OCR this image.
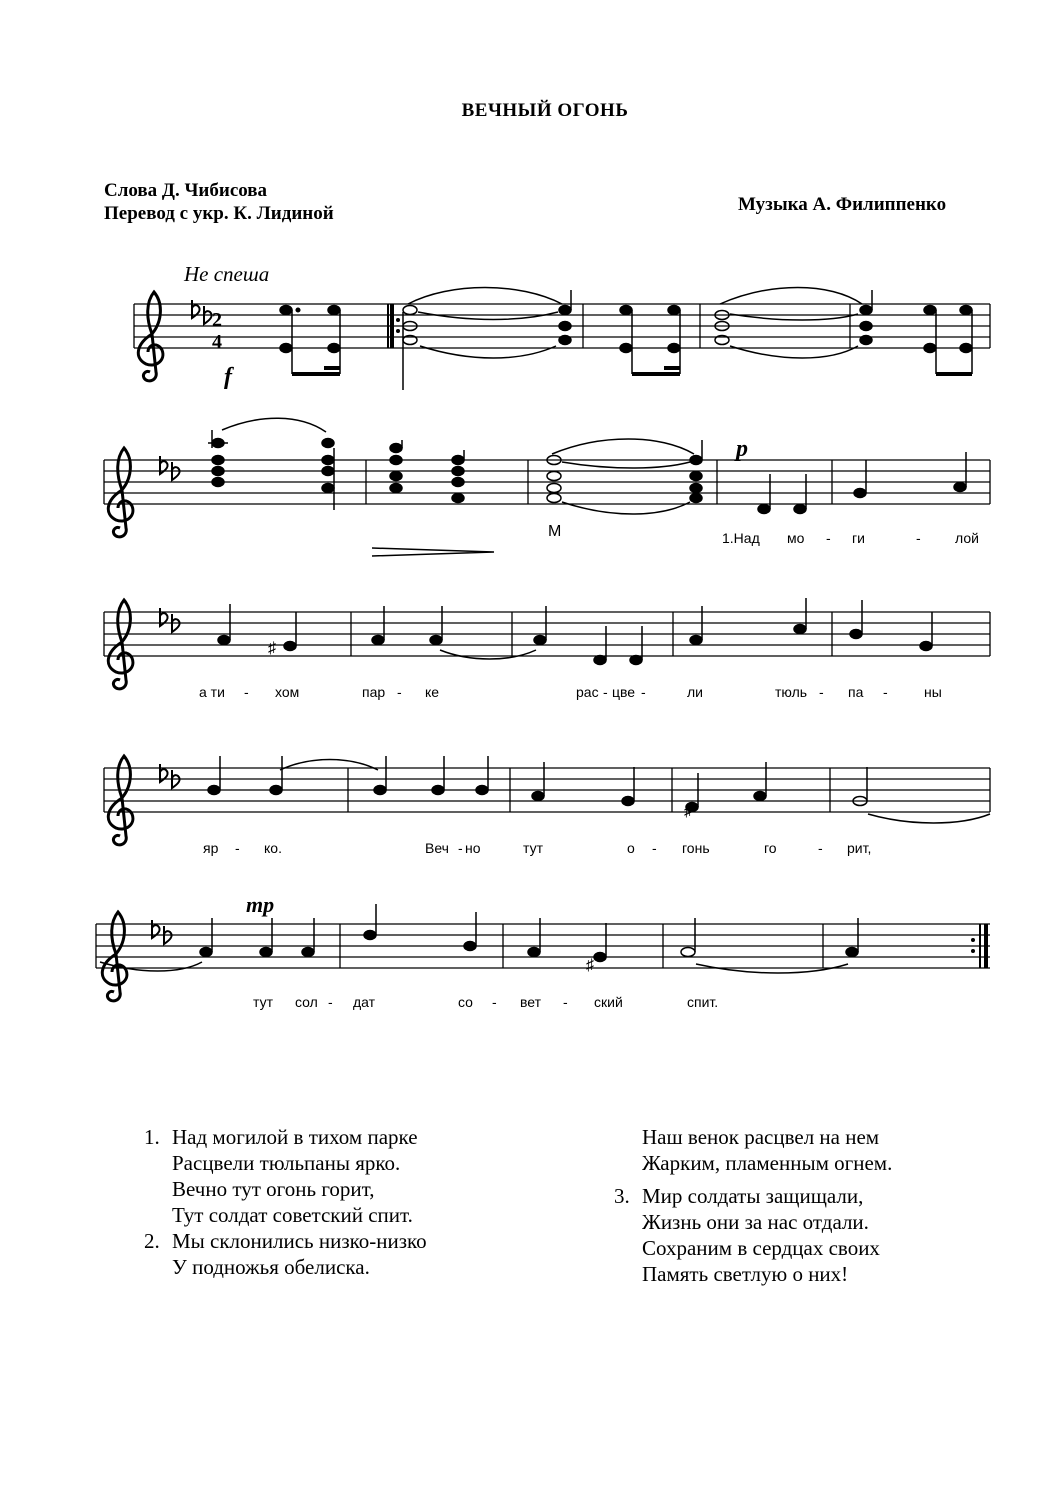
ВЕЧНЫЙ ОГОНЬ
Слова Д. Чибисова
Перевод с укр. К. Лидиной	Музыка А. Филиппенко
Не спеша
2
4
f
p
М
♯
♯
♯
mp
1.Над мо - ги	- лой
а ти - хом	пар - ке	рас - цве -	ли	тюль - па -	ны
яр - ко.	Веч - но	тут	о - гонь	го	- рит,
тут сол - дат	со - вет - ский	спит.
1. Над могилой в тихом парке
Расцвели тюльпаны ярко.
Вечно тут огонь горит,
Тут солдат советский спит.
2. Мы склонились низко-низко
У подножья обелиска.
Наш венок расцвел на нем
Жарким, пламенным огнем.
3. Мир солдаты защищали,
Жизнь они за нас отдали.
Сохраним в сердцах своих
Память светлую о них!
